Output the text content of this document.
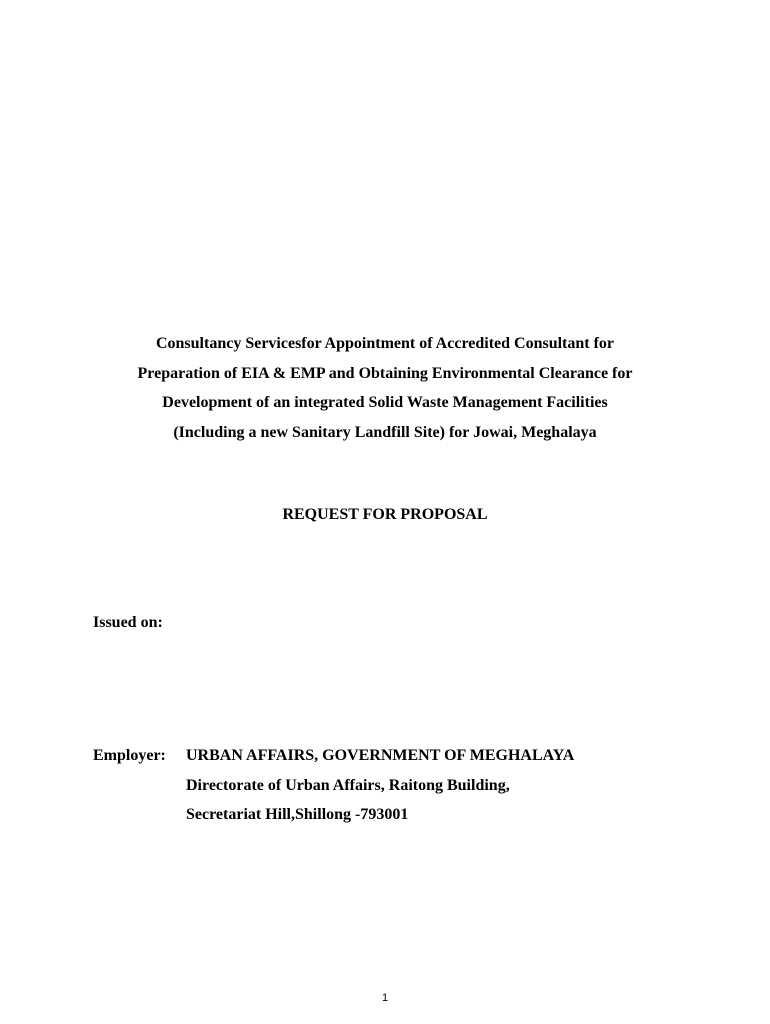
Consultancy Servicesfor Appointment of Accredited Consultant for
Preparation of EIA & EMP and Obtaining Environmental Clearance for
Development of an integrated Solid Waste Management Facilities
(Including a new Sanitary Landfill Site) for Jowai, Meghalaya
REQUEST FOR PROPOSAL
Issued on:
Employer: URBAN AFFAIRS, GOVERNMENT OF MEGHALAYA
Directorate of Urban Affairs, Raitong Building,
Secretariat Hill,Shillong -793001
1
